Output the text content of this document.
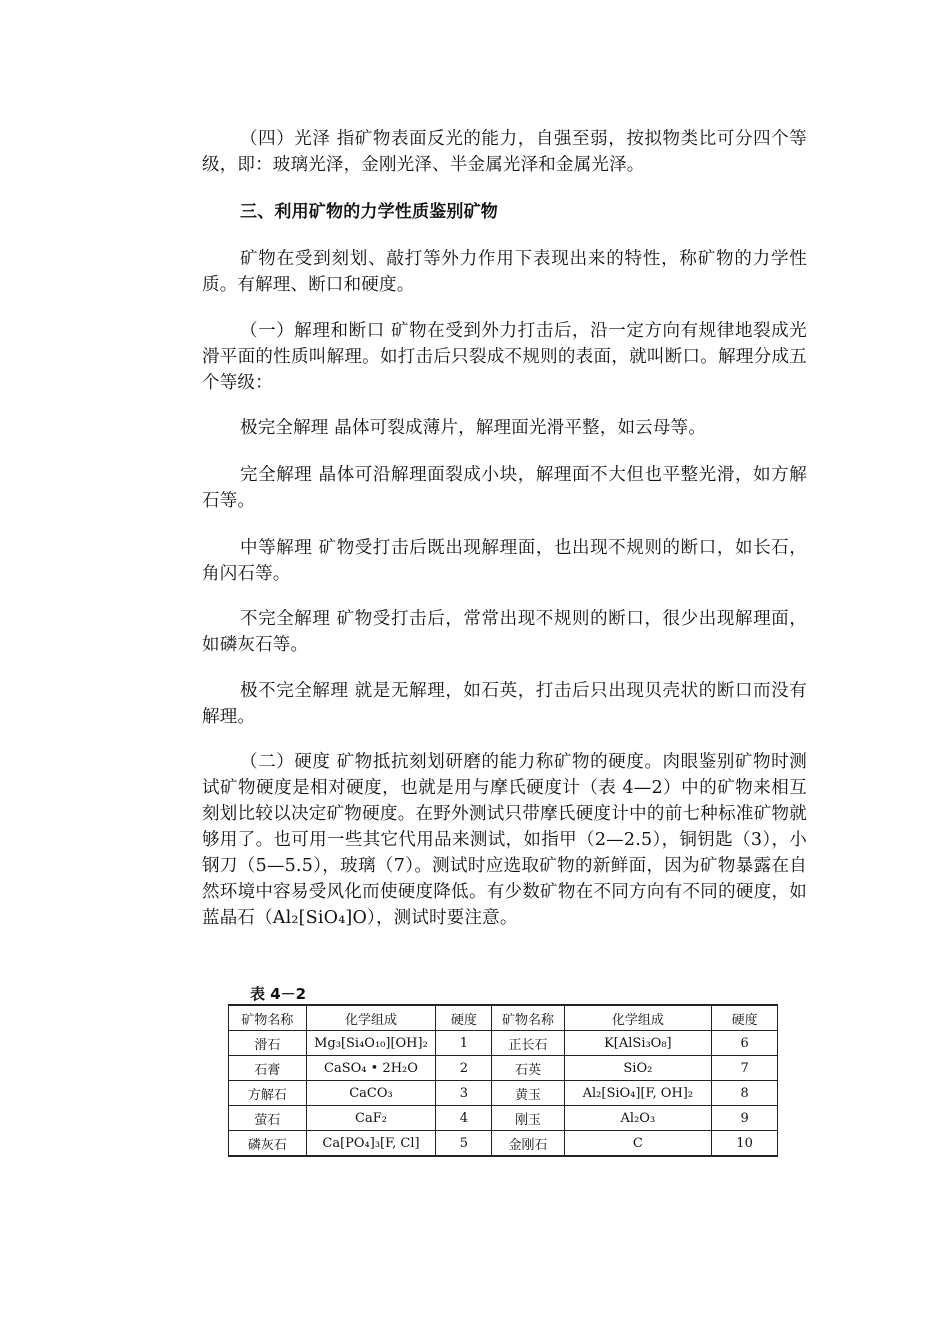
（四）光泽 指矿物表面反光的能力，自强至弱，按拟物类比可分四个等级，即：玻璃光泽，金刚光泽、半金属光泽和金属光泽。

三、利用矿物的力学性质鉴别矿物

矿物在受到刻划、敲打等外力作用下表现出来的特性，称矿物的力学性质。有解理、断口和硬度。

（一）解理和断口 矿物在受到外力打击后，沿一定方向有规律地裂成光滑平面的性质叫解理。如打击后只裂成不规则的表面，就叫断口。解理分成五个等级：

极完全解理 晶体可裂成薄片，解理面光滑平整，如云母等。

完全解理 晶体可沿解理面裂成小块，解理面不大但也平整光滑，如方解石等。

中等解理 矿物受打击后既出现解理面，也出现不规则的断口，如长石，角闪石等。

不完全解理 矿物受打击后，常常出现不规则的断口，很少出现解理面，如磷灰石等。

极不完全解理 就是无解理，如石英，打击后只出现贝壳状的断口而没有解理。

（二）硬度 矿物抵抗刻划研磨的能力称矿物的硬度。肉眼鉴别矿物时测试矿物硬度是相对硬度，也就是用与摩氏硬度计（表 4—2）中的矿物来相互刻划比较以决定矿物硬度。在野外测试只带摩氏硬度计中的前七种标准矿物就够用了。也可用一些其它代用品来测试，如指甲（2—2.5），铜钥匙（3），小钢刀（5—5.5），玻璃（7）。测试时应选取矿物的新鲜面，因为矿物暴露在自然环境中容易受风化而使硬度降低。有少数矿物在不同方向有不同的硬度，如蓝晶石（Al₂[SiO₄]O），测试时要注意。

表 4－2
矿物名称	化学组成	硬度	矿物名称	化学组成	硬度
滑石	Mg₃[Si₄O₁₀][OH]₂	1	正长石	K[AlSi₃O₈]	6
石膏	CaSO₄ • 2H₂O	2	石英	SiO₂	7
方解石	CaCO₃	3	黄玉	Al₂[SiO₄][F, OH]₂	8
萤石	CaF₂	4	刚玉	Al₂O₃	9
磷灰石	Ca[PO₄]₃[F, Cl]	5	金刚石	C	10
